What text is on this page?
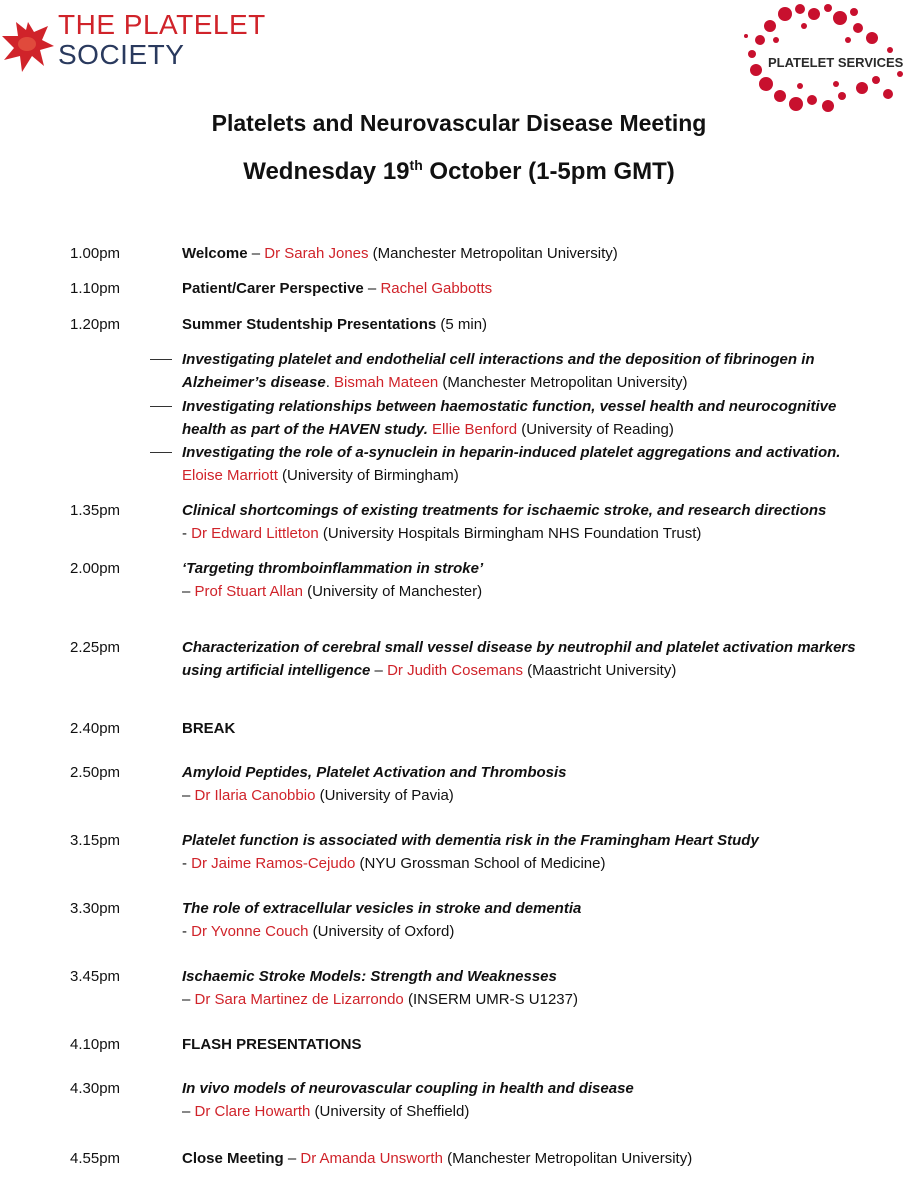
THE PLATELET
SOCIETY	PLATELET SERVICES
Platelets and Neurovascular Disease Meeting
Wednesday 19th October (1-5pm GMT)
1.00pm	Welcome – Dr Sarah Jones (Manchester Metropolitan University)
1.10pm	Patient/Carer Perspective – Rachel Gabbotts
1.20pm	Summer Studentship Presentations (5 min)
Investigating platelet and endothelial cell interactions and the deposition of fibrinogen in Alzheimer’s disease. Bismah Mateen (Manchester Metropolitan University)
Investigating relationships between haemostatic function, vessel health and neurocognitive health as part of the HAVEN study. Ellie Benford (University of Reading)
Investigating the role of a-synuclein in heparin-induced platelet aggregations and activation. Eloise Marriott (University of Birmingham)
1.35pm	Clinical shortcomings of existing treatments for ischaemic stroke, and research directions
- Dr Edward Littleton (University Hospitals Birmingham NHS Foundation Trust)
2.00pm	‘Targeting thromboinflammation in stroke’
– Prof Stuart Allan (University of Manchester)
2.25pm	Characterization of cerebral small vessel disease by neutrophil and platelet activation markers using artificial intelligence – Dr Judith Cosemans (Maastricht University)
2.40pm	BREAK
2.50pm	Amyloid Peptides, Platelet Activation and Thrombosis
– Dr Ilaria Canobbio (University of Pavia)
3.15pm	Platelet function is associated with dementia risk in the Framingham Heart Study
- Dr Jaime Ramos-Cejudo (NYU Grossman School of Medicine)
3.30pm	The role of extracellular vesicles in stroke and dementia
- Dr Yvonne Couch (University of Oxford)
3.45pm	Ischaemic Stroke Models: Strength and Weaknesses
– Dr Sara Martinez de Lizarrondo (INSERM UMR-S U1237)
4.10pm	FLASH PRESENTATIONS
4.30pm	In vivo models of neurovascular coupling in health and disease
– Dr Clare Howarth (University of Sheffield)
4.55pm	Close Meeting – Dr Amanda Unsworth (Manchester Metropolitan University)
